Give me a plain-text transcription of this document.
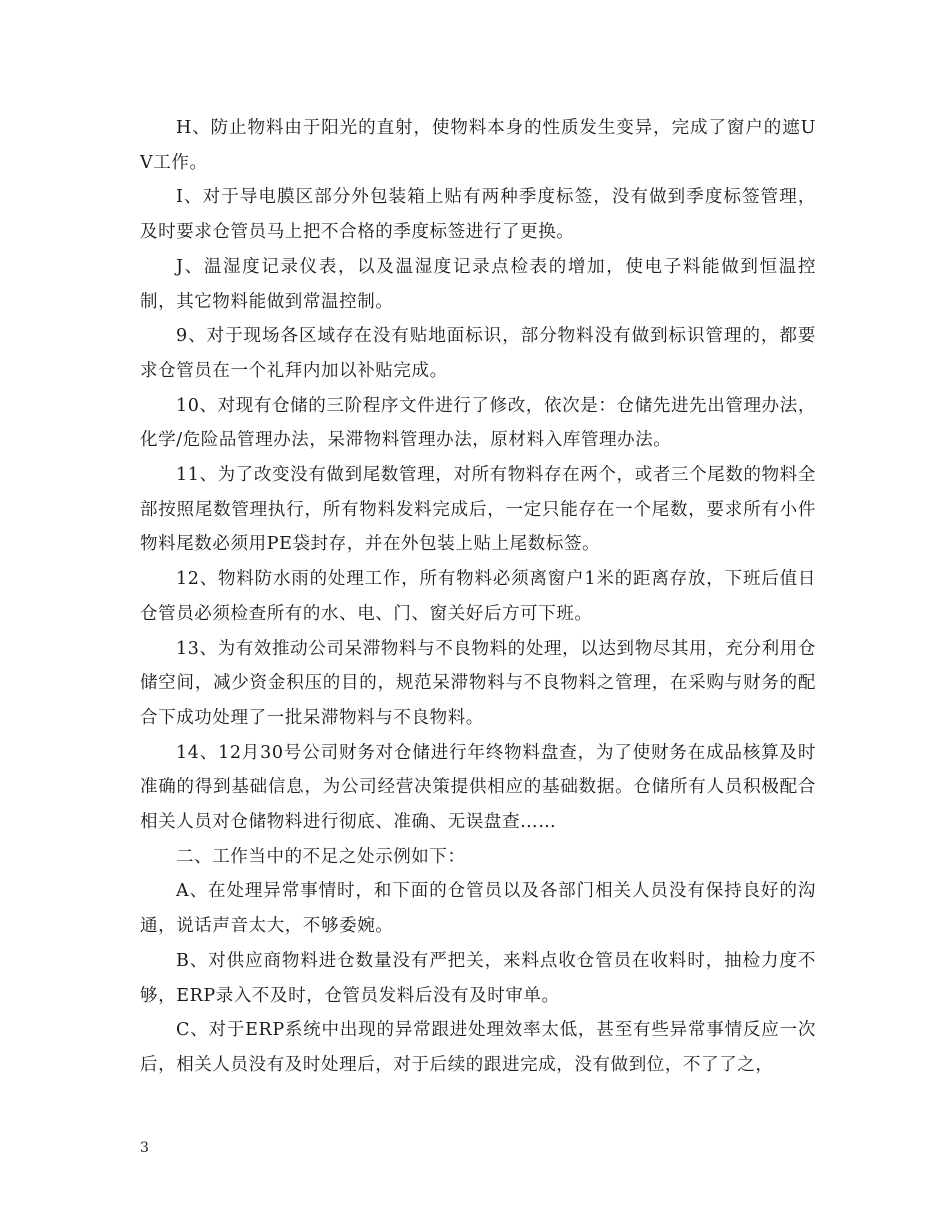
H、防止物料由于阳光的直射，使物料本身的性质发生变异，完成了窗户的遮UV工作。

I、对于导电膜区部分外包装箱上贴有两种季度标签，没有做到季度标签管理，及时要求仓管员马上把不合格的季度标签进行了更换。

J、温湿度记录仪表，以及温湿度记录点检表的增加，使电子料能做到恒温控制，其它物料能做到常温控制。

9、对于现场各区域存在没有贴地面标识，部分物料没有做到标识管理的，都要求仓管员在一个礼拜内加以补贴完成。

10、对现有仓储的三阶程序文件进行了修改，依次是：仓储先进先出管理办法，化学/危险品管理办法，呆滞物料管理办法，原材料入库管理办法。

11、为了改变没有做到尾数管理，对所有物料存在两个，或者三个尾数的物料全部按照尾数管理执行，所有物料发料完成后，一定只能存在一个尾数，要求所有小件物料尾数必须用PE袋封存，并在外包装上贴上尾数标签。

12、物料防水雨的处理工作，所有物料必须离窗户1米的距离存放，下班后值日仓管员必须检查所有的水、电、门、窗关好后方可下班。

13、为有效推动公司呆滞物料与不良物料的处理，以达到物尽其用，充分利用仓储空间，减少资金积压的目的，规范呆滞物料与不良物料之管理，在采购与财务的配合下成功处理了一批呆滞物料与不良物料。

14、12月30号公司财务对仓储进行年终物料盘查，为了使财务在成品核算及时准确的得到基础信息，为公司经营决策提供相应的基础数据。仓储所有人员积极配合相关人员对仓储物料进行彻底、准确、无误盘查……

二、工作当中的不足之处示例如下：

A、在处理异常事情时，和下面的仓管员以及各部门相关人员没有保持良好的沟通，说话声音太大，不够委婉。

B、对供应商物料进仓数量没有严把关，来料点收仓管员在收料时，抽检力度不够，ERP录入不及时，仓管员发料后没有及时审单。

C、对于ERP系统中出现的异常跟进处理效率太低，甚至有些异常事情反应一次后，相关人员没有及时处理后，对于后续的跟进完成，没有做到位，不了了之，

3
